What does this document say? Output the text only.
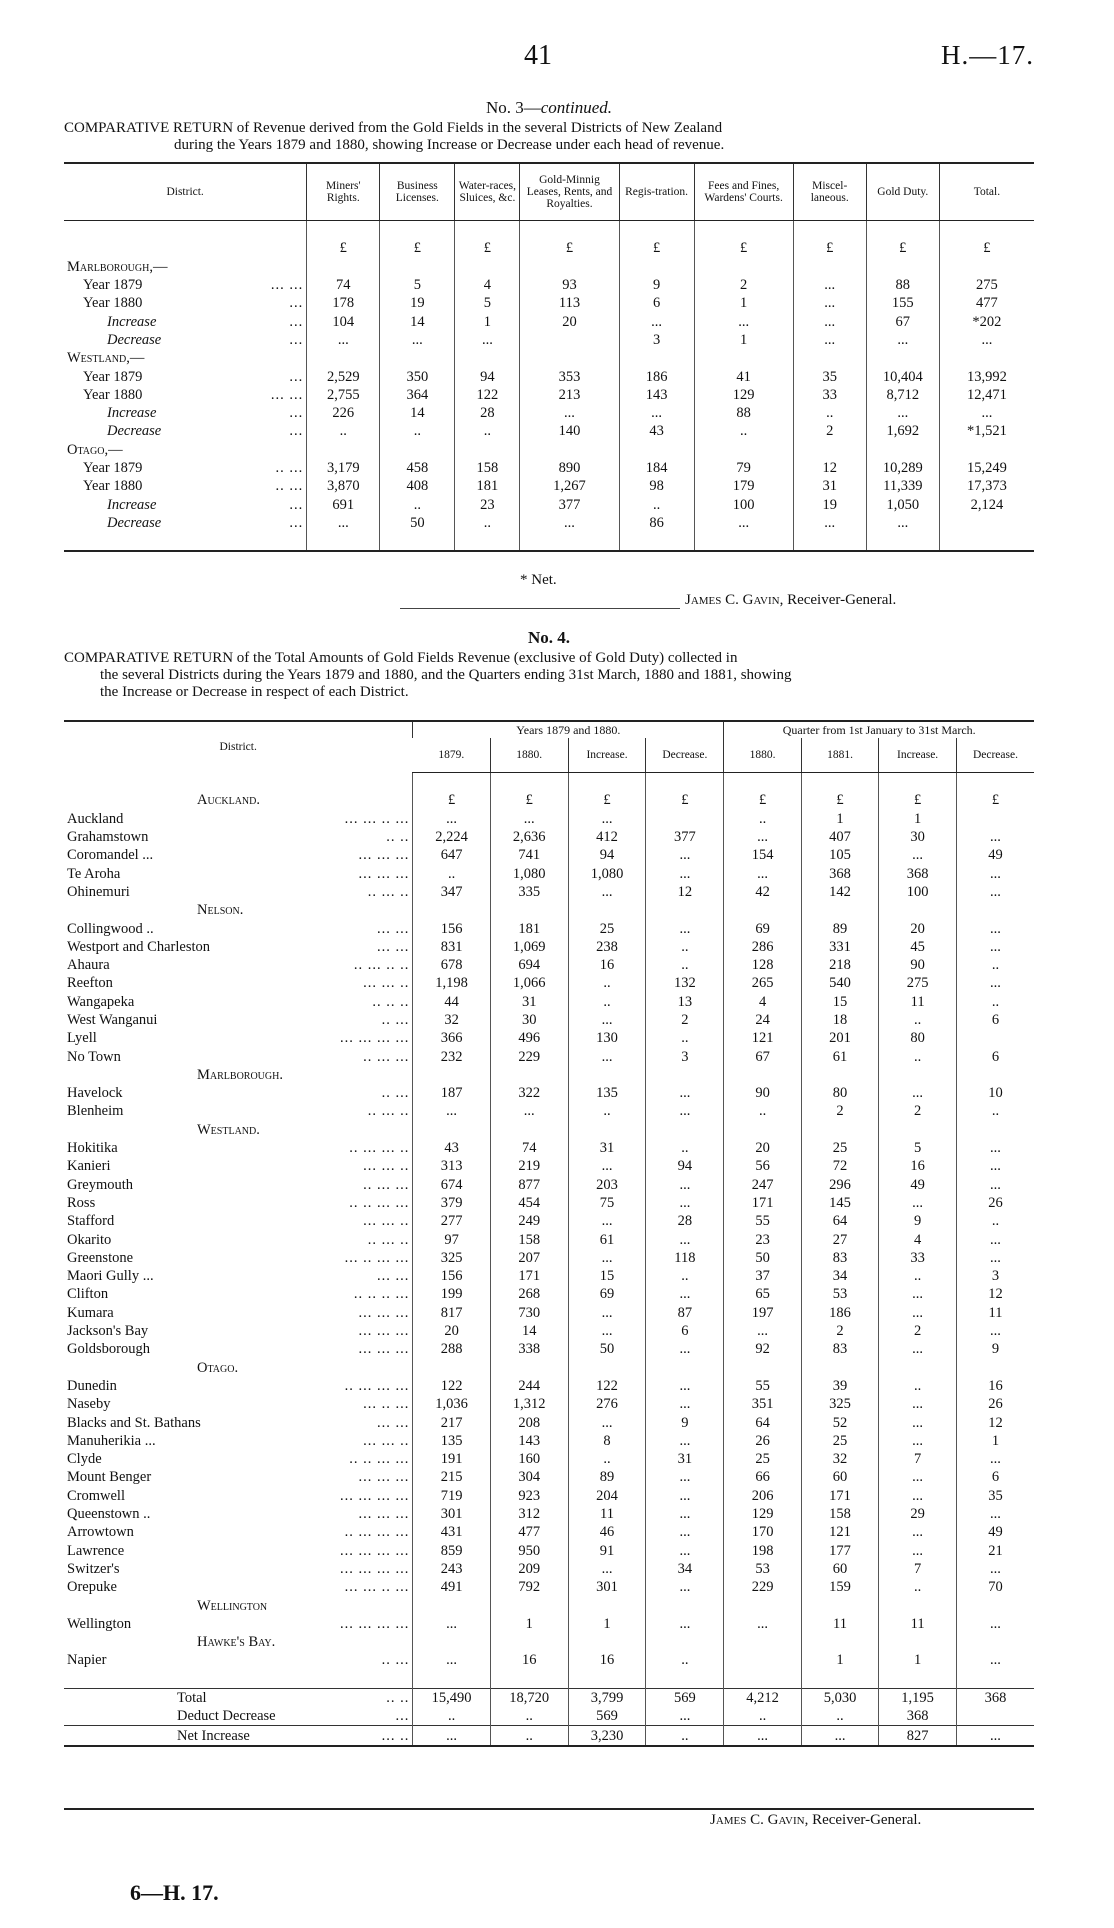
41	H.—17.
No. 3—continued.
COMPARATIVE RETURN of Revenue derived from the Gold Fields in the several Districts of New Zealand
during the Years 1879 and 1880, showing Increase or Decrease under each head of revenue.
District.	Miners' Rights.	Business Licenses.	Water-races, Sluices, &c.	Gold-Minnig Leases, Rents, and Royalties.	Regis-tration.	Fees and Fines, Wardens' Courts.	Miscel-laneous.	Gold Duty.	Total.

	£	£	£	£	£	£	£	£	£

Marlborough,—									

Year 1879 ... ...	74	5	4	93	9	2	...	88	275

Year 1880 ...	178	19	5	113	6	1	...	155	477

Increase ...	104	14	1	20	...	...	...	67	*202

Decrease ...	...	...	...		3	1	...	...	...

Westland,—									

Year 1879 ...	2,529	350	94	353	186	41	35	10,404	13,992

Year 1880 ... ...	2,755	364	122	213	143	129	33	8,712	12,471

Increase ...	226	14	28	...	...	88	..	...	...

Decrease ...	..	..	..	140	43	..	2	1,692	*1,521

Otago,—									

Year 1879 .. ...	3,179	458	158	890	184	79	12	10,289	15,249

Year 1880 .. ...	3,870	408	181	1,267	98	179	31	11,339	17,373

Increase ...	691	..	23	377	..	100	19	1,050	2,124

Decrease ...	...	50	..	...	86	...	...	...	

* Net.
James C. Gavin, Receiver-General.
No. 4.
COMPARATIVE RETURN of the Total Amounts of Gold Fields Revenue (exclusive of Gold Duty) collected in
the several Districts during the Years 1879 and 1880, and the Quarters ending 31st March, 1880 and 1881, showing
the Increase or Decrease in respect of each District.
District.	Years 1879 and 1880.				Quarter from 1st January to 31st March.			
	1879.	1880.	Increase.	Decrease.	1880.	1881.	Increase.	Decrease.

Auckland.	£	£	£	£	£	£	£	£

Auckland ... ... .. ...	...	...	...		..	1	1	

Grahamstown .. ..	2,224	2,636	412	377	...	407	30	...

Coromandel ... ... ... ...	647	741	94	...	154	105	...	49

Te Aroha ... ... ...	..	1,080	1,080	...	...	368	368	...

Ohinemuri .. ... ..	347	335	...	12	42	142	100	...
Nelson.								

Collingwood .. ... ...	156	181	25	...	69	89	20	...

Westport and Charleston ... ...	831	1,069	238	..	286	331	45	...

Ahaura .. ... .. ..	678	694	16	..	128	218	90	..

Reefton ... ... ..	1,198	1,066	..	132	265	540	275	...

Wangapeka .. .. ..	44	31	..	13	4	15	11	..

West Wanganui .. ...	32	30	...	2	24	18	..	6

Lyell ... ... ... ...	366	496	130	..	121	201	80	

No Town .. ... ...	232	229	...	3	67	61	..	6
Marlborough.								

Havelock .. ...	187	322	135	...	90	80	...	10

Blenheim .. ... ..	...	...	..	...	..	2	2	..
Westland.								

Hokitika .. ... ... ..	43	74	31	..	20	25	5	...

Kanieri ... ... ..	313	219	...	94	56	72	16	...

Greymouth .. ... ...	674	877	203	...	247	296	49	...

Ross .. .. ... ...	379	454	75	...	171	145	...	26

Stafford ... ... ..	277	249	...	28	55	64	9	..

Okarito .. ... ..	97	158	61	...	23	27	4	...

Greenstone ... .. ... ...	325	207	...	118	50	83	33	...

Maori Gully ... ... ...	156	171	15	..	37	34	..	3

Clifton .. .. .. ...	199	268	69	...	65	53	...	12

Kumara ... ... ...	817	730	...	87	197	186	...	11

Jackson's Bay ... ... ...	20	14	...	6	...	2	2	...

Goldsborough ... ... ...	288	338	50	...	92	83	...	9
Otago.								

Dunedin .. ... ... ...	122	244	122	...	55	39	..	16

Naseby ... .. ...	1,036	1,312	276	...	351	325	...	26

Blacks and St. Bathans ... ...	217	208	...	9	64	52	...	12

Manuherikia ... ... ... ..	135	143	8	...	26	25	...	1

Clyde .. .. ... ...	191	160	..	31	25	32	7	...

Mount Benger ... ... ...	215	304	89	...	66	60	...	6

Cromwell ... ... ... ...	719	923	204	...	206	171	...	35

Queenstown .. ... ... ...	301	312	11	...	129	158	29	...

Arrowtown .. ... ... ...	431	477	46	...	170	121	...	49

Lawrence ... ... ... ...	859	950	91	...	198	177	...	21

Switzer's ... ... ... ...	243	209	...	34	53	60	7	...

Orepuke ... ... .. ...	491	792	301	...	229	159	..	70
Wellington								

Wellington ... ... ... ...	...	1	1	...	...	11	11	...
Hawke's Bay.								

Napier .. ...	...	16	16	..		1	1	...

Total .. ..	15,490	18,720	3,799	569	4,212	5,030	1,195	368

Deduct Decrease ...	..	..	569	...	..	..	368	

Net Increase ... ..	...	..	3,230	..	...	...	827	...
James C. Gavin, Receiver-General.
6—H. 17.
